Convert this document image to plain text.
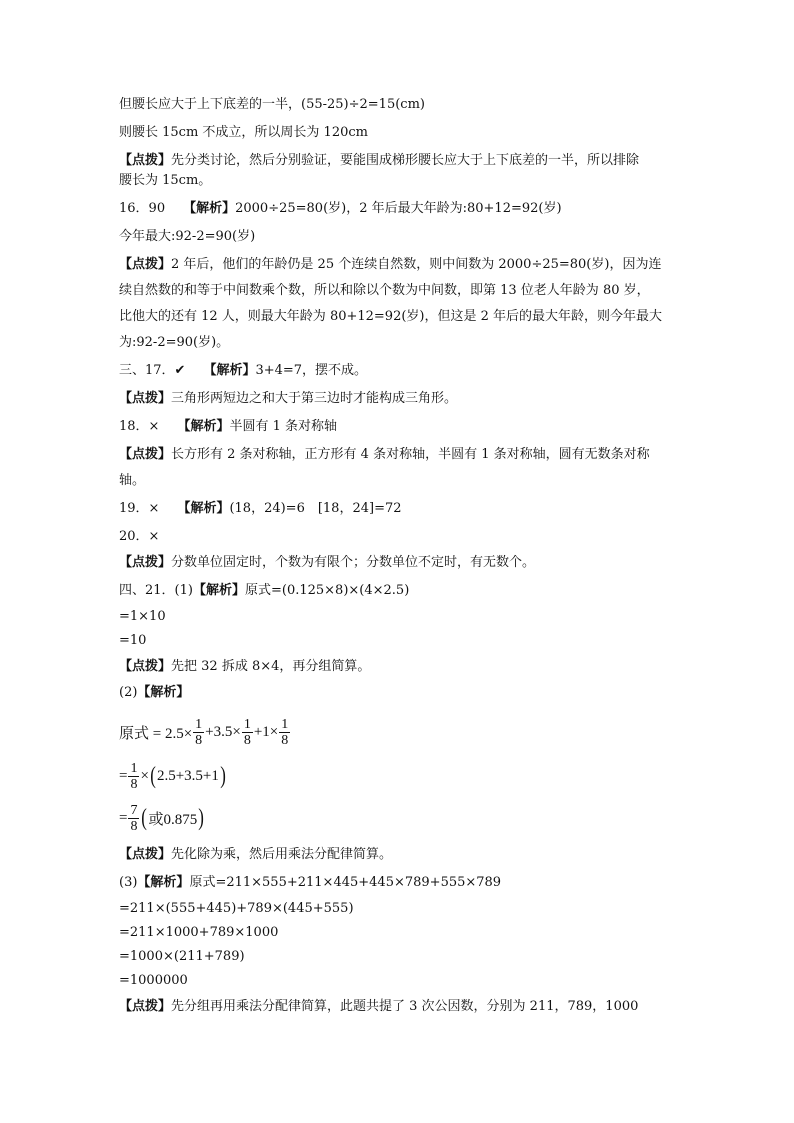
但腰长应大于上下底差的一半，(55-25)÷2=15(cm)
则腰长 15cm 不成立，所以周长为 120cm
【点拨】先分类讨论，然后分别验证，要能围成梯形腰长应大于上下底差的一半，所以排除
腰长为 15cm。
16．90 【解析】2000÷25=80(岁)，2 年后最大年龄为:80+12=92(岁)
今年最大:92-2=90(岁)
【点拨】2 年后，他们的年龄仍是 25 个连续自然数，则中间数为 2000÷25=80(岁)，因为连
续自然数的和等于中间数乘个数，所以和除以个数为中间数，即第 13 位老人年龄为 80 岁，
比他大的还有 12 人，则最大年龄为 80+12=92(岁)，但这是 2 年后的最大年龄，则今年最大
为:92-2=90(岁)。
三、17．✔ 【解析】3+4=7，摆不成。
【点拨】三角形两短边之和大于第三边时才能构成三角形。
18．× 【解析】半圆有 1 条对称轴
【点拨】长方形有 2 条对称轴，正方形有 4 条对称轴，半圆有 1 条对称轴，圆有无数条对称
轴。
19．× 【解析】(18，24)=6　[18，24]=72
20．×
【点拨】分数单位固定时，个数为有限个；分数单位不定时，有无数个。
四、21．(1)【解析】原式=(0.125×8)×(4×2.5)
=1×10
=10
【点拨】先把 32 拆成 8×4，再分组简算。
(2)【解析】
原式 = $2.5\times \frac{1}{8} +3.5\times \frac{1}{8} +1\times \frac{1}{8}$
= $\frac{1}{8}$ × ( 2.5+3.5+1 )
= $\frac{7}{8}$ ( 或0.875 )
【点拨】先化除为乘，然后用乘法分配律简算。
(3)【解析】原式=211×555+211×445+445×789+555×789
=211×(555+445)+789×(445+555)
=211×1000+789×1000
=1000×(211+789)
=1000000
【点拨】先分组再用乘法分配律简算，此题共提了 3 次公因数，分别为 211，789，1000
